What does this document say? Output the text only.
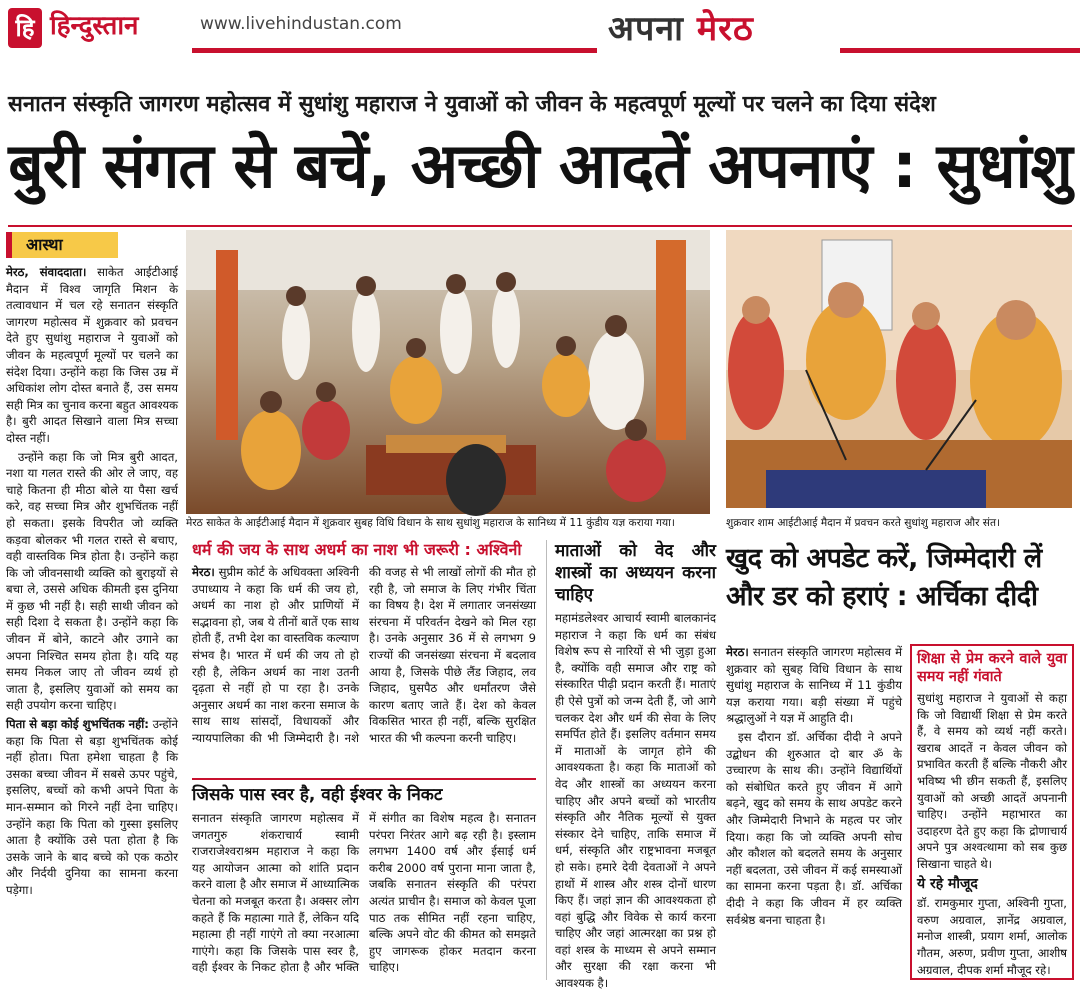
हि हिन्दुस्तान	www.livehindustan.com	अपना मेरठ
सनातन संस्कृति जागरण महोत्सव में सुधांशु महाराज ने युवाओं को जीवन के महत्वपूर्ण मूल्यों पर चलने का दिया संदेश
बुरी संगत से बचें, अच्छी आदतें अपनाएं : सुधांशु
आस्था

मेरठ, संवाददाता। साकेत आईटीआई मैदान में विश्व जागृति मिशन के तत्वावधान में चल रहे सनातन संस्कृति जागरण महोत्सव में शुक्रवार को प्रवचन देते हुए सुधांशु महाराज ने युवाओं को जीवन के महत्वपूर्ण मूल्यों पर चलने का संदेश दिया। उन्होंने कहा कि जिस उम्र में अधिकांश लोग दोस्त बनाते हैं, उस समय सही मित्र का चुनाव करना बहुत आवश्यक है। बुरी आदत सिखाने वाला मित्र सच्चा दोस्त नहीं।

उन्होंने कहा कि जो मित्र बुरी आदत, नशा या गलत रास्ते की ओर ले जाए, वह चाहे कितना ही मीठा बोले या पैसा खर्च करे, वह सच्चा मित्र और शुभचिंतक नहीं हो सकता। इसके विपरीत जो व्यक्ति कड़वा बोलकर भी गलत रास्ते से बचाए, वही वास्तविक मित्र होता है। उन्होंने कहा कि जो जीवनसाथी व्यक्ति को बुराइयों से बचा ले, उससे अधिक कीमती इस दुनिया में कुछ भी नहीं है। सही साथी जीवन को सही दिशा दे सकता है। उन्होंने कहा कि जीवन में बोने, काटने और उगाने का अपना निश्चित समय होता है। यदि यह समय निकल जाए तो जीवन व्यर्थ हो जाता है, इसलिए युवाओं को समय का सही उपयोग करना चाहिए।

पिता से बड़ा कोई शुभचिंतक नहीं: उन्होंने कहा कि पिता से बड़ा शुभचिंतक कोई नहीं होता। पिता हमेशा चाहता है कि उसका बच्चा जीवन में सबसे ऊपर पहुंचे, इसलिए, बच्चों को कभी अपने पिता के मान-सम्मान को गिरने नहीं देना चाहिए। उन्होंने कहा कि पिता को गुस्सा इसलिए आता है क्योंकि उसे पता होता है कि उसके जाने के बाद बच्चे को एक कठोर और निर्दयी दुनिया का सामना करना पड़ेगा।

मेरठ साकेत के आईटीआई मैदान में शुक्रवार सुबह विधि विधान के साथ सुधांशु महाराज के सानिध्य में 11 कुंडीय यज्ञ कराया गया।	शुक्रवार शाम आईटीआई मैदान में प्रवचन करते सुधांशु महाराज और संत।
धर्म की जय के साथ अधर्म का नाश भी जरूरी : अश्विनी

मेरठ। सुप्रीम कोर्ट के अधिवक्ता अश्विनी उपाध्याय ने कहा कि धर्म की जय हो, अधर्म का नाश हो और प्राणियों में सद्भावना हो, जब ये तीनों बातें एक साथ होती हैं, तभी देश का वास्तविक कल्याण संभव है। भारत में धर्म की जय तो हो रही है, लेकिन अधर्म का नाश उतनी दृढ़ता से नहीं हो पा रहा है। उनके अनुसार अधर्म का नाश करना समाज के साथ साथ सांसदों, विधायकों और न्यायपालिका की भी जिम्मेदारी है। नशे की वजह से भी लाखों लोगों की मौत हो रही है, जो समाज के लिए गंभीर चिंता का विषय है। देश में लगातार जनसंख्या संरचना में परिवर्तन देखने को मिल रहा है। उनके अनुसार 36 में से लगभग 9 राज्यों की जनसंख्या संरचना में बदलाव आया है, जिसके पीछे लैंड जिहाद, लव जिहाद, घुसपैठ और धर्मांतरण जैसे कारण बताए जाते हैं। देश को केवल विकसित भारत ही नहीं, बल्कि सुरक्षित भारत की भी कल्पना करनी चाहिए।

जिसके पास स्वर है, वही ईश्वर के निकट

सनातन संस्कृति जागरण महोत्सव में जगतगुरु शंकराचार्य स्वामी राजराजेश्वराश्रम महाराज ने कहा कि यह आयोजन आत्मा को शांति प्रदान करने वाला है और समाज में आध्यात्मिक चेतना को मजबूत करता है। अक्सर लोग कहते हैं कि महात्मा गाते हैं, लेकिन यदि महात्मा ही नहीं गाएंगे तो क्या नरआत्मा गाएंगे। कहा कि जिसके पास स्वर है, वही ईश्वर के निकट होता है और भक्ति में संगीत का विशेष महत्व है। सनातन परंपरा निरंतर आगे बढ़ रही है। इस्लाम लगभग 1400 वर्ष और ईसाई धर्म करीब 2000 वर्ष पुराना माना जाता है, जबकि सनातन संस्कृति की परंपरा अत्यंत प्राचीन है। समाज को केवल पूजा पाठ तक सीमित नहीं रहना चाहिए, बल्कि अपने वोट की कीमत को समझते हुए जागरूक होकर मतदान करना चाहिए।

माताओं को वेद और शास्त्रों का अध्ययन करना चाहिए

महामंडलेश्वर आचार्य स्वामी बालकानंद महाराज ने कहा कि धर्म का संबंध विशेष रूप से नारियों से भी जुड़ा हुआ है, क्योंकि वही समाज और राष्ट्र को संस्कारित पीढ़ी प्रदान करती हैं। माताएं ही ऐसे पुत्रों को जन्म देती हैं, जो आगे चलकर देश और धर्म की सेवा के लिए समर्पित होते हैं। इसलिए वर्तमान समय में माताओं के जागृत होने की आवश्यकता है। कहा कि माताओं को वेद और शास्त्रों का अध्ययन करना चाहिए और अपने बच्चों को भारतीय संस्कृति और नैतिक मूल्यों से युक्त संस्कार देने चाहिए, ताकि समाज में धर्म, संस्कृति और राष्ट्रभावना मजबूत हो सके। हमारे देवी देवताओं ने अपने हाथों में शास्त्र और शस्त्र दोनों धारण किए हैं। जहां ज्ञान की आवश्यकता हो वहां बुद्धि और विवेक से कार्य करना चाहिए और जहां आत्मरक्षा का प्रश्न हो वहां शस्त्र के माध्यम से अपने सम्मान और सुरक्षा की रक्षा करना भी आवश्यक है।

खुद को अपडेट करें, जिम्मेदारी लें
और डर को हराएं : अर्चिका दीदी

मेरठ। सनातन संस्कृति जागरण महोत्सव में शुक्रवार को सुबह विधि विधान के साथ सुधांशु महाराज के सानिध्य में 11 कुंडीय यज्ञ कराया गया। बड़ी संख्या में पहुंचे श्रद्धालुओं ने यज्ञ में आहुति दी।

इस दौरान डॉ. अर्चिका दीदी ने अपने उद्बोधन की शुरुआत दो बार ॐ के उच्चारण के साथ की। उन्होंने विद्यार्थियों को संबोधित करते हुए जीवन में आगे बढ़ने, खुद को समय के साथ अपडेट करने और जिम्मेदारी निभाने के महत्व पर जोर दिया। कहा कि जो व्यक्ति अपनी सोच और कौशल को बदलते समय के अनुसार नहीं बदलता, उसे जीवन में कई समस्याओं का सामना करना पड़ता है। डॉ. अर्चिका दीदी ने कहा कि जीवन में हर व्यक्ति सर्वश्रेष्ठ बनना चाहता है।

शिक्षा से प्रेम करने वाले युवा समय नहीं गंवाते

सुधांशु महाराज ने युवाओं से कहा कि जो विद्यार्थी शिक्षा से प्रेम करते हैं, वे समय को व्यर्थ नहीं करते। खराब आदतें न केवल जीवन को प्रभावित करती हैं बल्कि नौकरी और भविष्य भी छीन सकती हैं, इसलिए युवाओं को अच्छी आदतें अपनानी चाहिए। उन्होंने महाभारत का उदाहरण देते हुए कहा कि द्रोणाचार्य अपने पुत्र अश्वत्थामा को सब कुछ सिखाना चाहते थे।

ये रहे मौजूद

डॉ. रामकुमार गुप्ता, अश्विनी गुप्ता, वरुण अग्रवाल, ज्ञानेंद्र अग्रवाल, मनोज शास्त्री, प्रयाग शर्मा, आलोक गौतम, अरुण, प्रवीण गुप्ता, आशीष अग्रवाल, दीपक शर्मा मौजूद रहे।
